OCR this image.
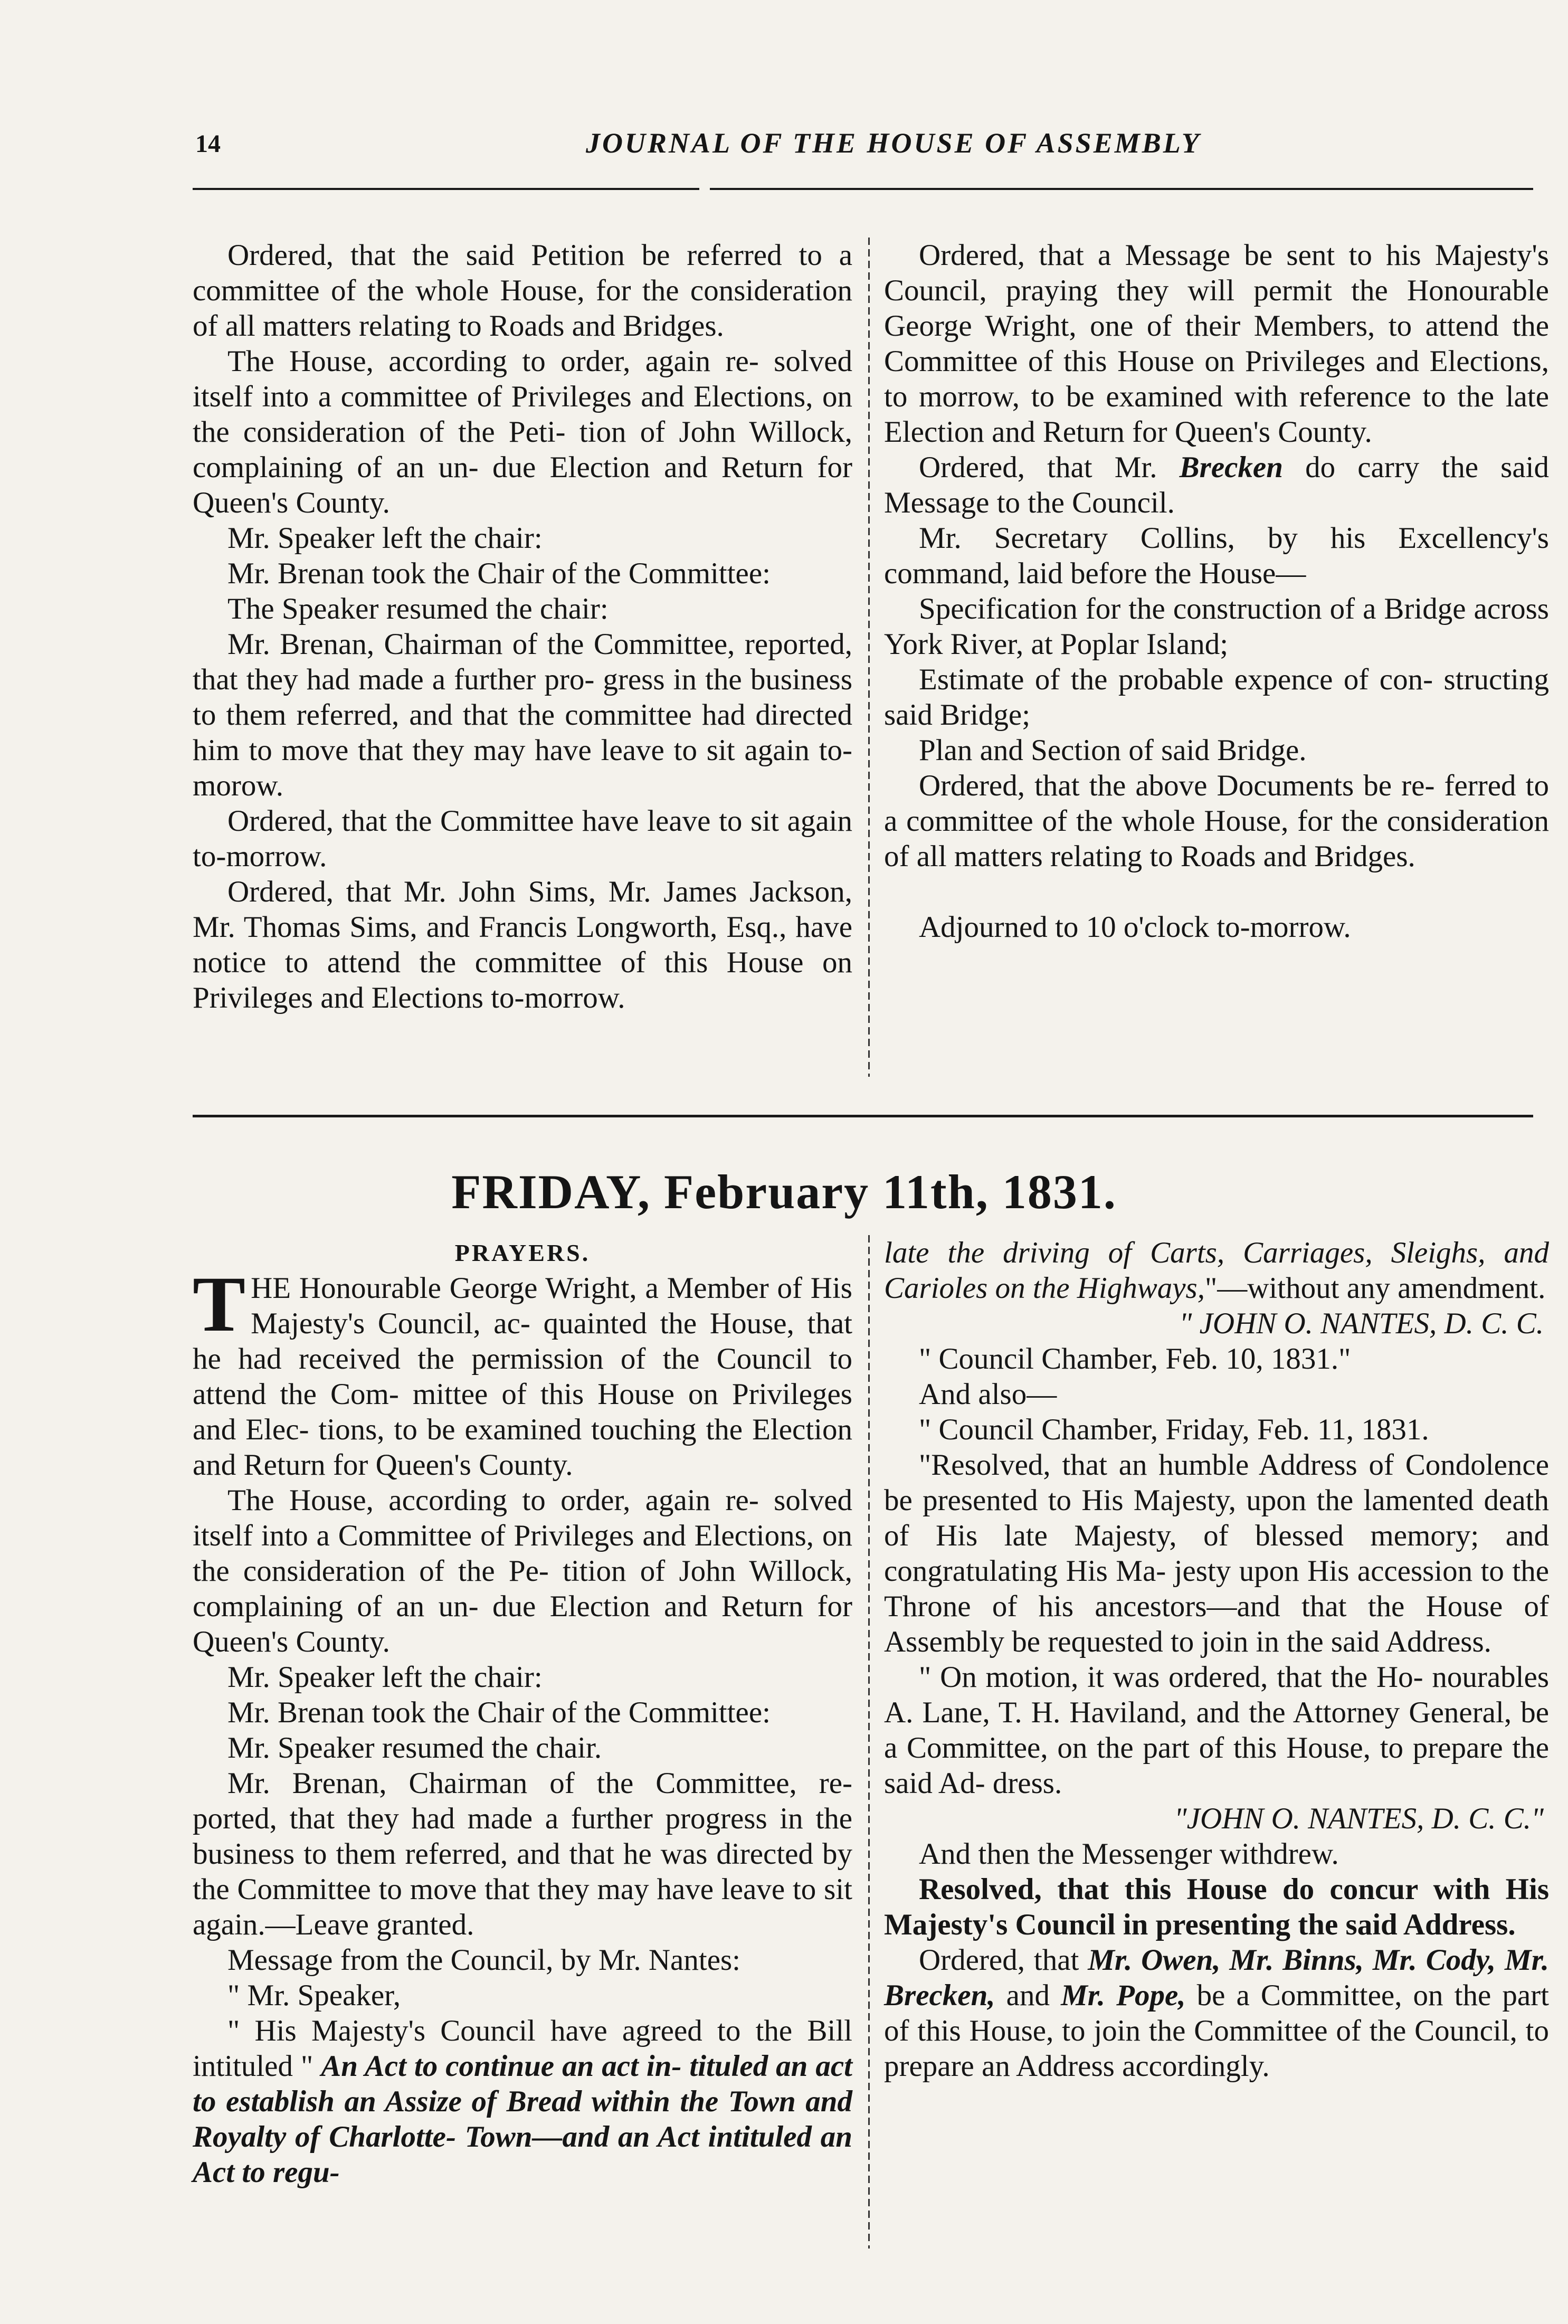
14	JOURNAL OF THE HOUSE OF ASSEMBLY

Ordered, that the said Petition be referred to a committee of the whole House, for the consideration of all matters relating to Roads and Bridges.

The House, according to order, again re- solved itself into a committee of Privileges and Elections, on the consideration of the Peti- tion of John Willock, complaining of an un- due Election and Return for Queen's County.

Mr. Speaker left the chair:

Mr. Brenan took the Chair of the Committee:

The Speaker resumed the chair:

Mr. Brenan, Chairman of the Committee, reported, that they had made a further pro- gress in the business to them referred, and that the committee had directed him to move that they may have leave to sit again to-morow.

Ordered, that the Committee have leave to sit again to-morrow.

Ordered, that Mr. John Sims, Mr. James Jackson, Mr. Thomas Sims, and Francis Longworth, Esq., have notice to attend the committee of this House on Privileges and Elections to-morrow.

Ordered, that a Message be sent to his Majesty's Council, praying they will permit the Honourable George Wright, one of their Members, to attend the Committee of this House on Privileges and Elections, to morrow, to be examined with reference to the late Election and Return for Queen's County.

Ordered, that Mr. Brecken do carry the said Message to the Council.

Mr. Secretary Collins, by his Excellency's command, laid before the House—

Specification for the construction of a Bridge across York River, at Poplar Island;

Estimate of the probable expence of con- structing said Bridge;

Plan and Section of said Bridge.

Ordered, that the above Documents be re- ferred to a committee of the whole House, for the consideration of all matters relating to Roads and Bridges.

Adjourned to 10 o'clock to-morrow.

FRIDAY, February 11th, 1831.

PRAYERS.

THE Honourable George Wright, a Member of His Majesty's Council, ac- quainted the House, that he had received the permission of the Council to attend the Com- mittee of this House on Privileges and Elec- tions, to be examined touching the Election and Return for Queen's County.

The House, according to order, again re- solved itself into a Committee of Privileges and Elections, on the consideration of the Pe- tition of John Willock, complaining of an un- due Election and Return for Queen's County.

Mr. Speaker left the chair:

Mr. Brenan took the Chair of the Committee:

Mr. Speaker resumed the chair.

Mr. Brenan, Chairman of the Committee, re- ported, that they had made a further progress in the business to them referred, and that he was directed by the Committee to move that they may have leave to sit again.—Leave granted.

Message from the Council, by Mr. Nantes:

" Mr. Speaker,

" His Majesty's Council have agreed to the Bill intituled " An Act to continue an act in- tituled an act to establish an Assize of Bread within the Town and Royalty of Charlotte- Town—and an Act intituled an Act to regu-

late the driving of Carts, Carriages, Sleighs, and Carioles on the Highways,"—without any amendment.

" JOHN O. NANTES, D. C. C.

" Council Chamber, Feb. 10, 1831."

And also—

" Council Chamber, Friday, Feb. 11, 1831.

"Resolved, that an humble Address of Condolence be presented to His Majesty, upon the lamented death of His late Majesty, of blessed memory; and congratulating His Ma- jesty upon His accession to the Throne of his ancestors—and that the House of Assembly be requested to join in the said Address.

" On motion, it was ordered, that the Ho- nourables A. Lane, T. H. Haviland, and the Attorney General, be a Committee, on the part of this House, to prepare the said Ad- dress.

"JOHN O. NANTES, D. C. C."

And then the Messenger withdrew.

Resolved, that this House do concur with His Majesty's Council in presenting the said Address.

Ordered, that Mr. Owen, Mr. Binns, Mr. Cody, Mr. Brecken, and Mr. Pope, be a Committee, on the part of this House, to join the Committee of the Council, to prepare an Address accordingly.
